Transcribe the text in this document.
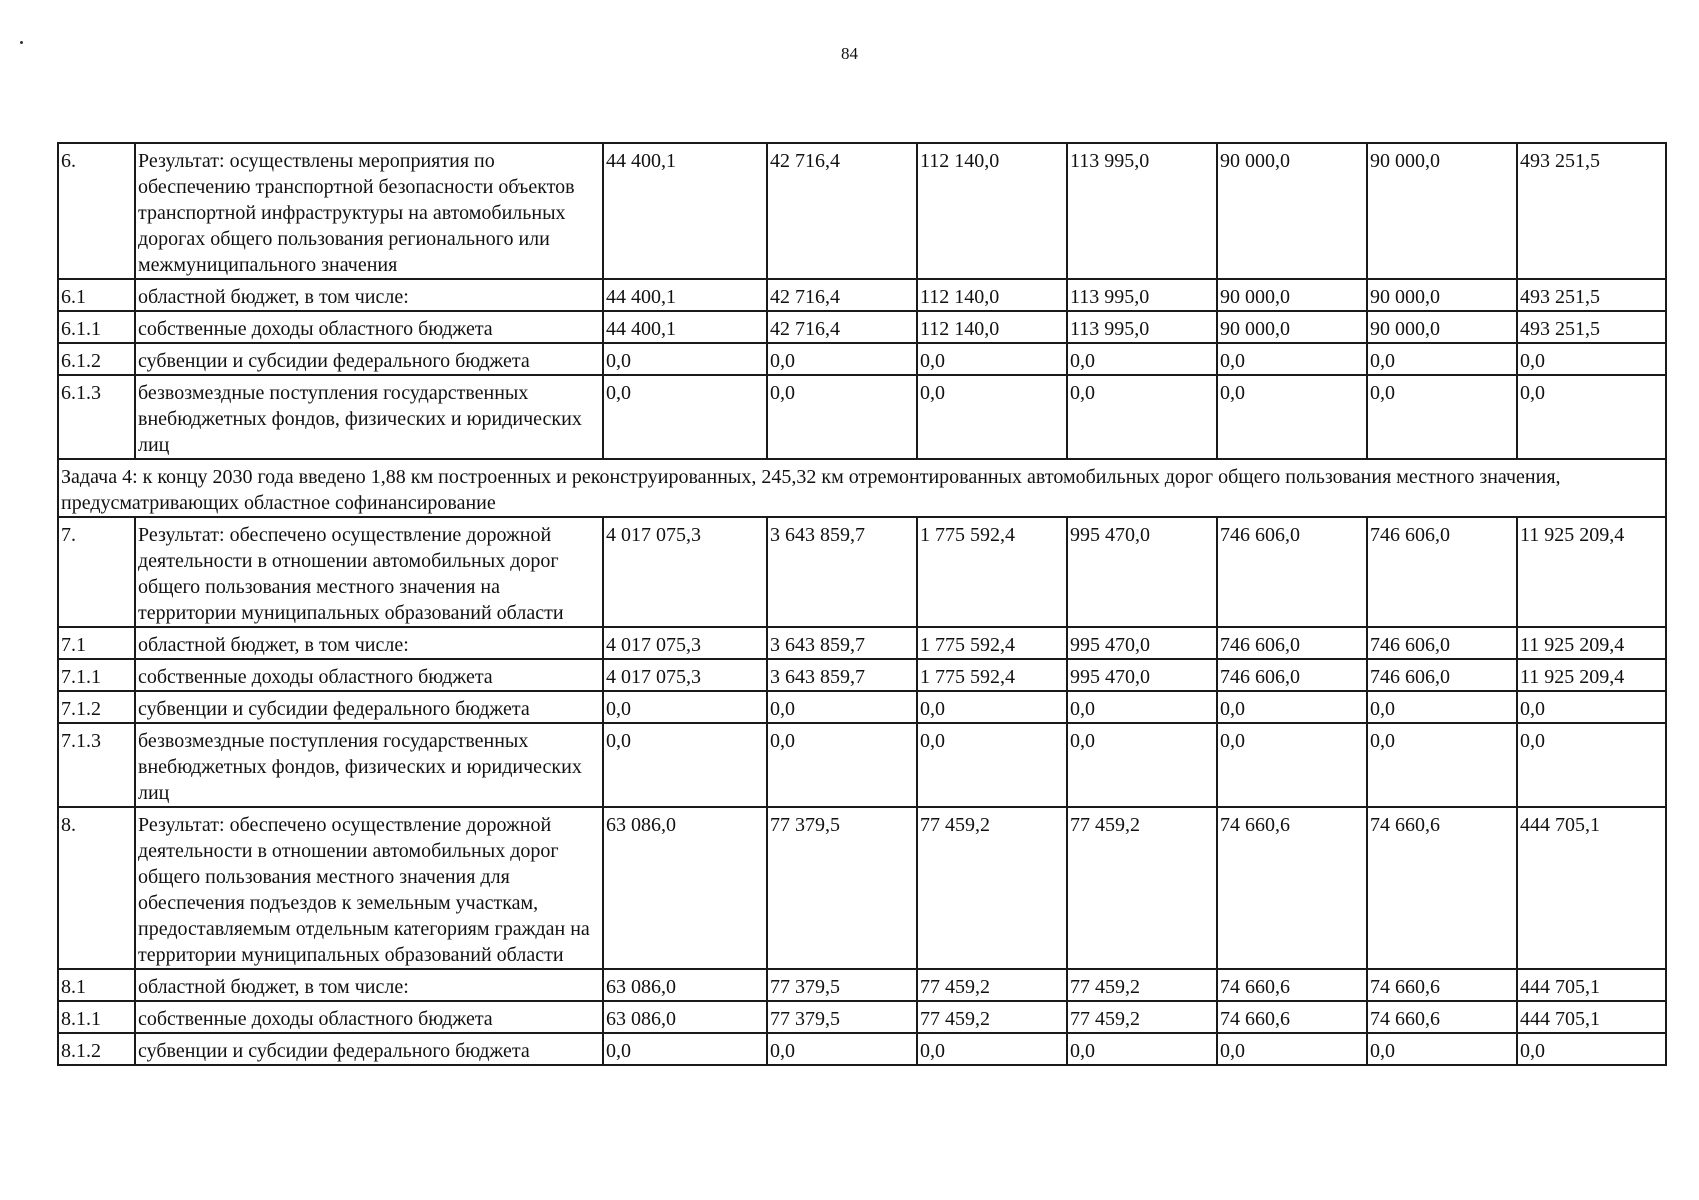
84
6.	Результат: осуществлены мероприятия по обеспечению транспортной безопасности объектов транспортной инфраструктуры на автомобильных дорогах общего пользования регионального или межмуниципального значения	44 400,1	42 716,4	112 140,0	113 995,0	90 000,0	90 000,0	493 251,5
6.1	областной бюджет, в том числе:	44 400,1	42 716,4	112 140,0	113 995,0	90 000,0	90 000,0	493 251,5
6.1.1	собственные доходы областного бюджета	44 400,1	42 716,4	112 140,0	113 995,0	90 000,0	90 000,0	493 251,5
6.1.2	субвенции и субсидии федерального бюджета	0,0	0,0	0,0	0,0	0,0	0,0	0,0
6.1.3	безвозмездные поступления государственных внебюджетных фондов, физических и юридических лиц	0,0	0,0	0,0	0,0	0,0	0,0	0,0
Задача 4: к концу 2030 года введено 1,88 км построенных и реконструированных, 245,32 км отремонтированных автомобильных дорог общего пользования местного значения, предусматривающих областное софинансирование								
7.	Результат: обеспечено осуществление дорожной деятельности в отношении автомобильных дорог общего пользования местного значения на территории муниципальных образований области	4 017 075,3	3 643 859,7	1 775 592,4	995 470,0	746 606,0	746 606,0	11 925 209,4
7.1	областной бюджет, в том числе:	4 017 075,3	3 643 859,7	1 775 592,4	995 470,0	746 606,0	746 606,0	11 925 209,4
7.1.1	собственные доходы областного бюджета	4 017 075,3	3 643 859,7	1 775 592,4	995 470,0	746 606,0	746 606,0	11 925 209,4
7.1.2	субвенции и субсидии федерального бюджета	0,0	0,0	0,0	0,0	0,0	0,0	0,0
7.1.3	безвозмездные поступления государственных внебюджетных фондов, физических и юридических лиц	0,0	0,0	0,0	0,0	0,0	0,0	0,0
8.	Результат: обеспечено осуществление дорожной деятельности в отношении автомобильных дорог общего пользования местного значения для обеспечения подъездов к земельным участкам, предоставляемым отдельным категориям граждан на территории муниципальных образований области	63 086,0	77 379,5	77 459,2	77 459,2	74 660,6	74 660,6	444 705,1
8.1	областной бюджет, в том числе:	63 086,0	77 379,5	77 459,2	77 459,2	74 660,6	74 660,6	444 705,1
8.1.1	собственные доходы областного бюджета	63 086,0	77 379,5	77 459,2	77 459,2	74 660,6	74 660,6	444 705,1
8.1.2	субвенции и субсидии федерального бюджета	0,0	0,0	0,0	0,0	0,0	0,0	0,0
